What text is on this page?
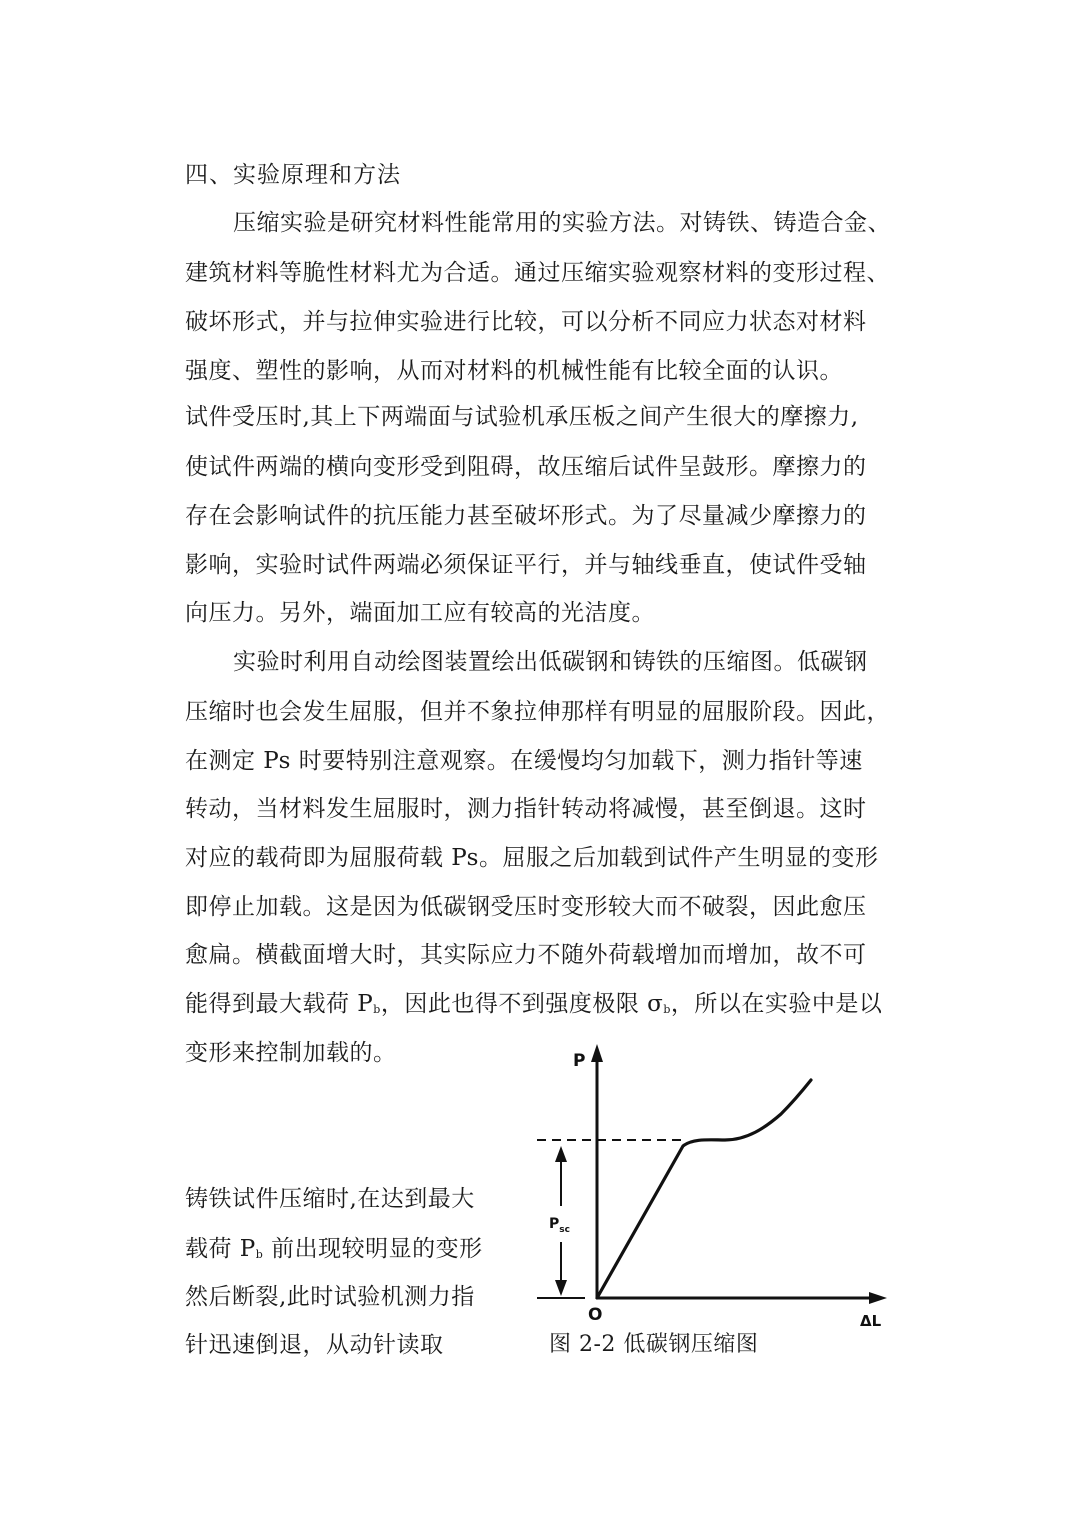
四、实验原理和方法
压缩实验是研究材料性能常用的实验方法。对铸铁、铸造合金、
建筑材料等脆性材料尤为合适。通过压缩实验观察材料的变形过程、
破坏形式，并与拉伸实验进行比较，可以分析不同应力状态对材料
强度、塑性的影响，从而对材料的机械性能有比较全面的认识。
试件受压时,其上下两端面与试验机承压板之间产生很大的摩擦力,
使试件两端的横向变形受到阻碍，故压缩后试件呈鼓形。摩擦力的
存在会影响试件的抗压能力甚至破坏形式。为了尽量减少摩擦力的
影响，实验时试件两端必须保证平行，并与轴线垂直，使试件受轴
向压力。另外，端面加工应有较高的光洁度。
实验时利用自动绘图装置绘出低碳钢和铸铁的压缩图。低碳钢
压缩时也会发生屈服，但并不象拉伸那样有明显的屈服阶段。因此，
在测定 Ps 时要特别注意观察。在缓慢均匀加载下，测力指针等速
转动，当材料发生屈服时，测力指针转动将减慢，甚至倒退。这时
对应的载荷即为屈服荷载 Ps。屈服之后加载到试件产生明显的变形
即停止加载。这是因为低碳钢受压时变形较大而不破裂，因此愈压
愈扁。横截面增大时，其实际应力不随外荷载增加而增加，故不可
能得到最大载荷 $P_b$，因此也得不到强度极限 $\sigma_b$，所以在实验中是以
变形来控制加载的。
铸铁试件压缩时,在达到最大
载荷 $P_b$ 前出现较明显的变形
然后断裂,此时试验机测力指
针迅速倒退，从动针读取
P
ΔL
O
$P_{sc}$
图 2-2 低碳钢压缩图
